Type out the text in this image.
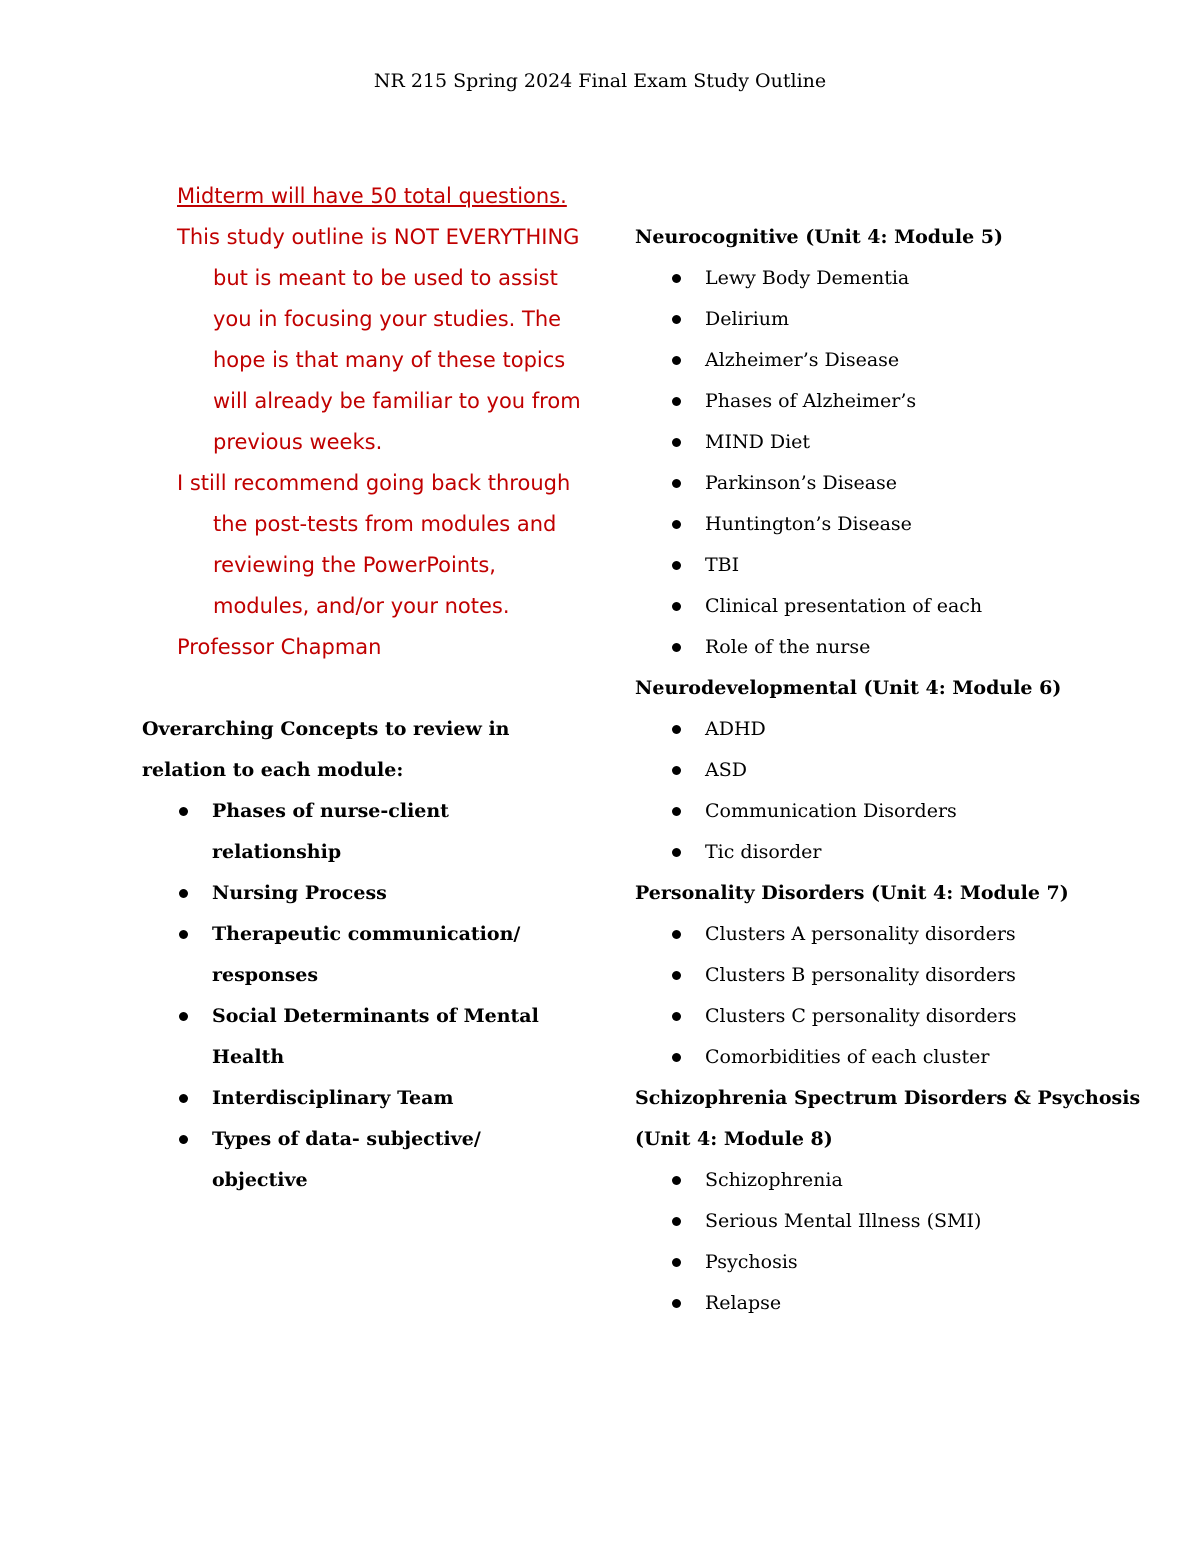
NR 215 Spring 2024 Final Exam Study Outline
Midterm will have 50 total questions.
This study outline is NOT EVERYTHING but is meant to be used to assist you in focusing your studies. The hope is that many of these topics will already be familiar to you from previous weeks.
I still recommend going back through the post-tests from modules and reviewing the PowerPoints, modules, and/or your notes.
Professor Chapman
Overarching Concepts to review in relation to each module:
Phases of nurse-client relationship
Nursing Process
Therapeutic communication/ responses
Social Determinants of Mental Health
Interdisciplinary Team
Types of data- subjective/ objective
Neurocognitive (Unit 4: Module 5)
Lewy Body Dementia
Delirium
Alzheimer’s Disease
Phases of Alzheimer’s
MIND Diet
Parkinson’s Disease
Huntington’s Disease
TBI
Clinical presentation of each
Role of the nurse
Neurodevelopmental (Unit 4: Module 6)
ADHD
ASD
Communication Disorders
Tic disorder
Personality Disorders (Unit 4: Module 7)
Clusters A personality disorders
Clusters B personality disorders
Clusters C personality disorders
Comorbidities of each cluster
Schizophrenia Spectrum Disorders & Psychosis (Unit 4: Module 8)
Schizophrenia
Serious Mental Illness (SMI)
Psychosis
Relapse
